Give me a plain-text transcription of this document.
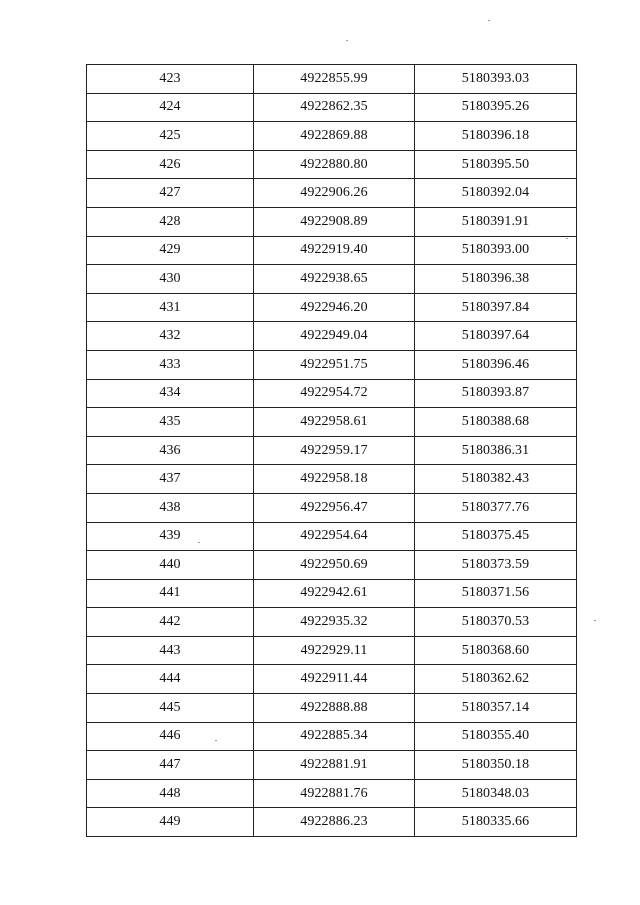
423	4922855.99	5180393.03
424	4922862.35	5180395.26
425	4922869.88	5180396.18
426	4922880.80	5180395.50
427	4922906.26	5180392.04
428	4922908.89	5180391.91
429	4922919.40	5180393.00
430	4922938.65	5180396.38
431	4922946.20	5180397.84
432	4922949.04	5180397.64
433	4922951.75	5180396.46
434	4922954.72	5180393.87
435	4922958.61	5180388.68
436	4922959.17	5180386.31
437	4922958.18	5180382.43
438	4922956.47	5180377.76
439	4922954.64	5180375.45
440	4922950.69	5180373.59
441	4922942.61	5180371.56
442	4922935.32	5180370.53
443	4922929.11	5180368.60
444	4922911.44	5180362.62
445	4922888.88	5180357.14
446	4922885.34	5180355.40
447	4922881.91	5180350.18
448	4922881.76	5180348.03
449	4922886.23	5180335.66
